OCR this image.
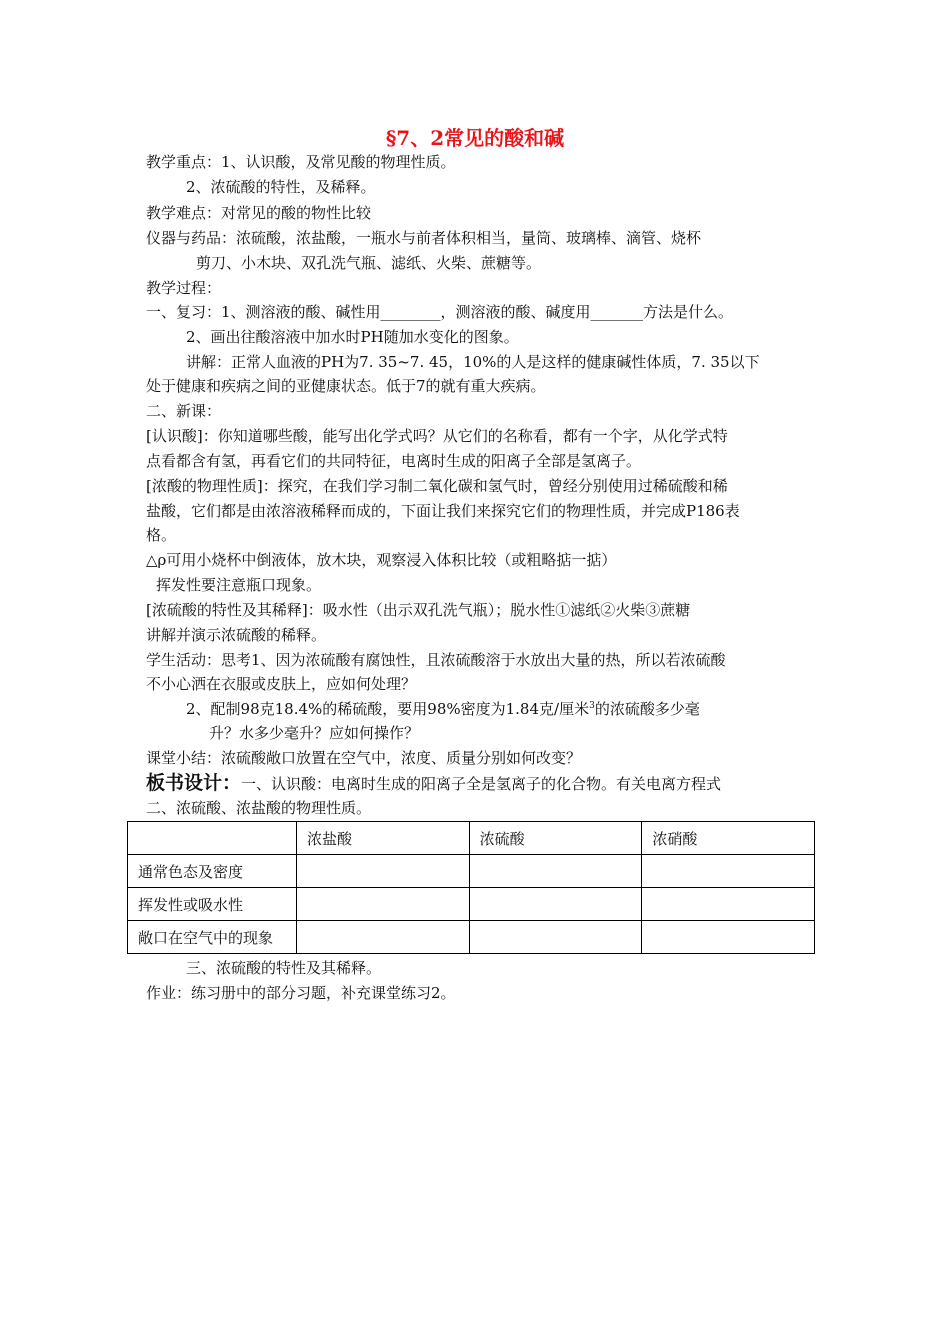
§7、2常见的酸和碱
教学重点：1、认识酸，及常见酸的物理性质。
2、浓硫酸的特性，及稀释。
教学难点：对常见的酸的物性比较
仪器与药品：浓硫酸，浓盐酸，一瓶水与前者体积相当，量筒、玻璃棒、滴管、烧杯
剪刀、小木块、双孔洗气瓶、滤纸、火柴、蔗糖等。
教学过程：
一、复习：1、测溶液的酸、碱性用________，测溶液的酸、碱度用_______方法是什么。
2、画出往酸溶液中加水时PH随加水变化的图象。
讲解：正常人血液的PH为7. 35~7. 45，10%的人是这样的健康碱性体质，7. 35以下
处于健康和疾病之间的亚健康状态。低于7的就有重大疾病。
二、新课：
[认识酸]：你知道哪些酸，能写出化学式吗？从它们的名称看，都有一个字，从化学式特
点看都含有氢，再看它们的共同特征，电离时生成的阳离子全部是氢离子。
[浓酸的物理性质]：探究，在我们学习制二氧化碳和氢气时，曾经分别使用过稀硫酸和稀
盐酸，它们都是由浓溶液稀释而成的，下面让我们来探究它们的物理性质，并完成P186表
格。
△ρ可用小烧杯中倒液体，放木块，观察浸入体积比较（或粗略掂一掂）
挥发性要注意瓶口现象。
[浓硫酸的特性及其稀释]：吸水性（出示双孔洗气瓶）；脱水性①滤纸②火柴③蔗糖
讲解并演示浓硫酸的稀释。
学生活动：思考1、因为浓硫酸有腐蚀性，且浓硫酸溶于水放出大量的热，所以若浓硫酸
不小心洒在衣服或皮肤上，应如何处理？
2、配制98克18.4%的稀硫酸，要用98%密度为1.84克/厘米$^3$的浓硫酸多少毫
升？水多少毫升？应如何操作？
课堂小结：浓硫酸敞口放置在空气中，浓度、质量分别如何改变？
板书设计：一、认识酸：电离时生成的阳离子全是氢离子的化合物。有关电离方程式
二、浓硫酸、浓盐酸的物理性质。
	浓盐酸	浓硫酸	浓硝酸
通常色态及密度			
挥发性或吸水性			
敞口在空气中的现象			
三、浓硫酸的特性及其稀释。
作业：练习册中的部分习题，补充课堂练习2。
